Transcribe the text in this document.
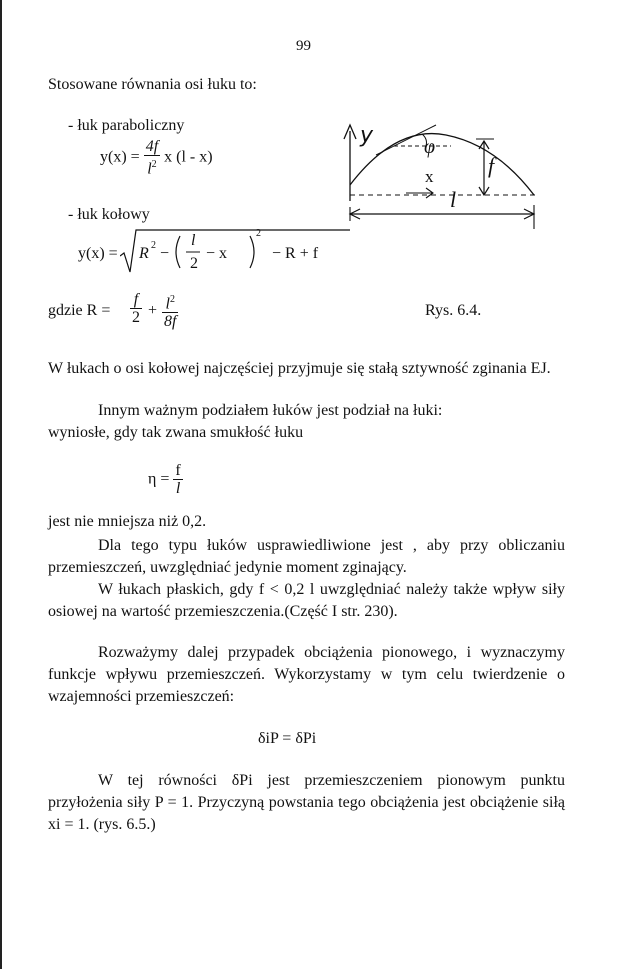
99
Stosowane równania osi łuku to:
- łuk paraboliczny
$y(x) = \frac{4f}{l^2}$ x (l - x)
- łuk kołowy
y(x) = R 2 −
l
2
− x
2
− R + f
gdzie $R = \frac{f}{2} + \frac{l^2}{8f}$
y	φ
f
x
l
Rys. 6.4.
W łukach o osi kołowej najczęściej przyjmuje się stałą sztywność zginania EJ.
Innym ważnym podziałem łuków jest podział na łuki:
wyniosłe, gdy tak zwana smukłość łuku
$\eta = \frac{f}{l}$
jest nie mniejsza niż 0,2.
Dla tego typu łuków usprawiedliwione jest , aby przy obliczaniu przemieszczeń, uwzględniać jedynie moment zginający.
W łukach płaskich, gdy f < 0,2 l uwzględniać należy także wpływ siły osiowej na wartość przemieszczenia.(Część I str. 230).
Rozważymy dalej przypadek obciążenia pionowego, i wyznaczymy funkcje wpływu przemieszczeń. Wykorzystamy w tym celu twierdzenie o wzajemności przemieszczeń:
δiP = δPi
W tej równości δPi jest przemieszczeniem pionowym punktu przyłożenia siły P = 1. Przyczyną powstania tego obciążenia jest obciążenie siłą xi = 1. (rys. 6.5.)
